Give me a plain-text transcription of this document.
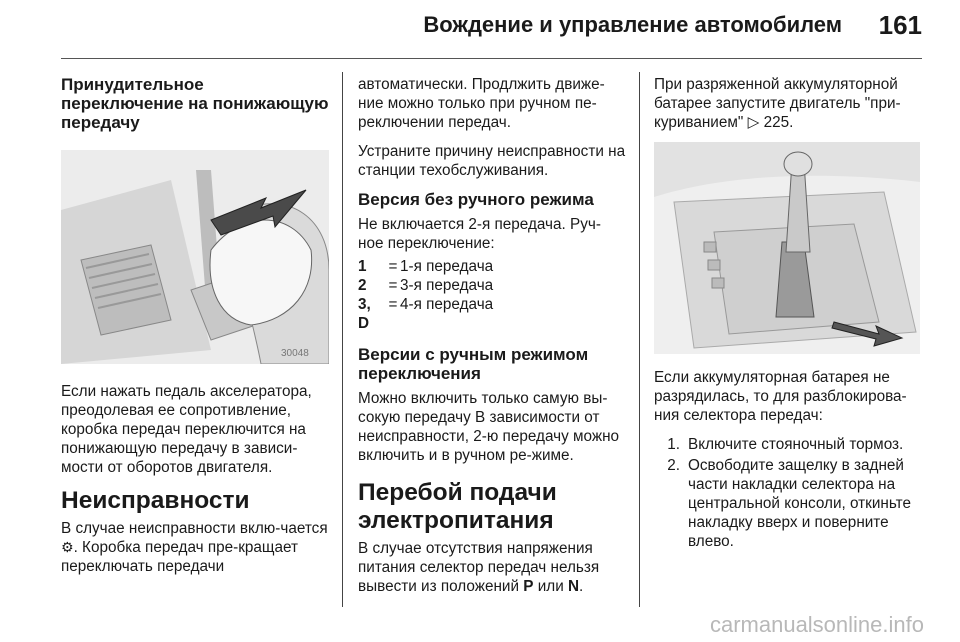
Вождение и управление автомобилем 161
Принудительное переключение на понижающую передачу
30048

Если нажать педаль акселератора, преодолевая ее сопротивление, коробка передач переключится на понижающую передачу в зависи-мости от оборотов двигателя.

Неисправности

В случае неисправности вклю-чается ⚙. Коробка передач пре-кращает переключать передачи

автоматически. Продлжить движе-ние можно только при ручном пе-реключении передач.

Устраните причину неисправности на станции техобслуживания.

Версия без ручного режима

Не включается 2-я передача. Руч-ное переключение:

1	= 1-я передача
2	= 3-я передача
3, D
= 4-я передача
Версии с ручным режимом переключения

Можно включить только самую вы-сокую передачу В зависимости от неисправности, 2-ю передачу можно включить и в ручном ре-жиме.

Перебой подачи электропитания

В случае отсутствия напряжения питания селектор передач нельзя вывести из положений P или N.

При разряженной аккумуляторной батарее запустите двигатель "при-куриванием" ▷ 225.

Если аккумуляторная батарея не разрядилась, то для разблокирова-ния селектора передач:

1. Включите стояночный тормоз.
2. Освободите защелку в задней части накладки селектора на центральной консоли, откиньте накладку вверх и поверните влево.
carmanualsonline.info
